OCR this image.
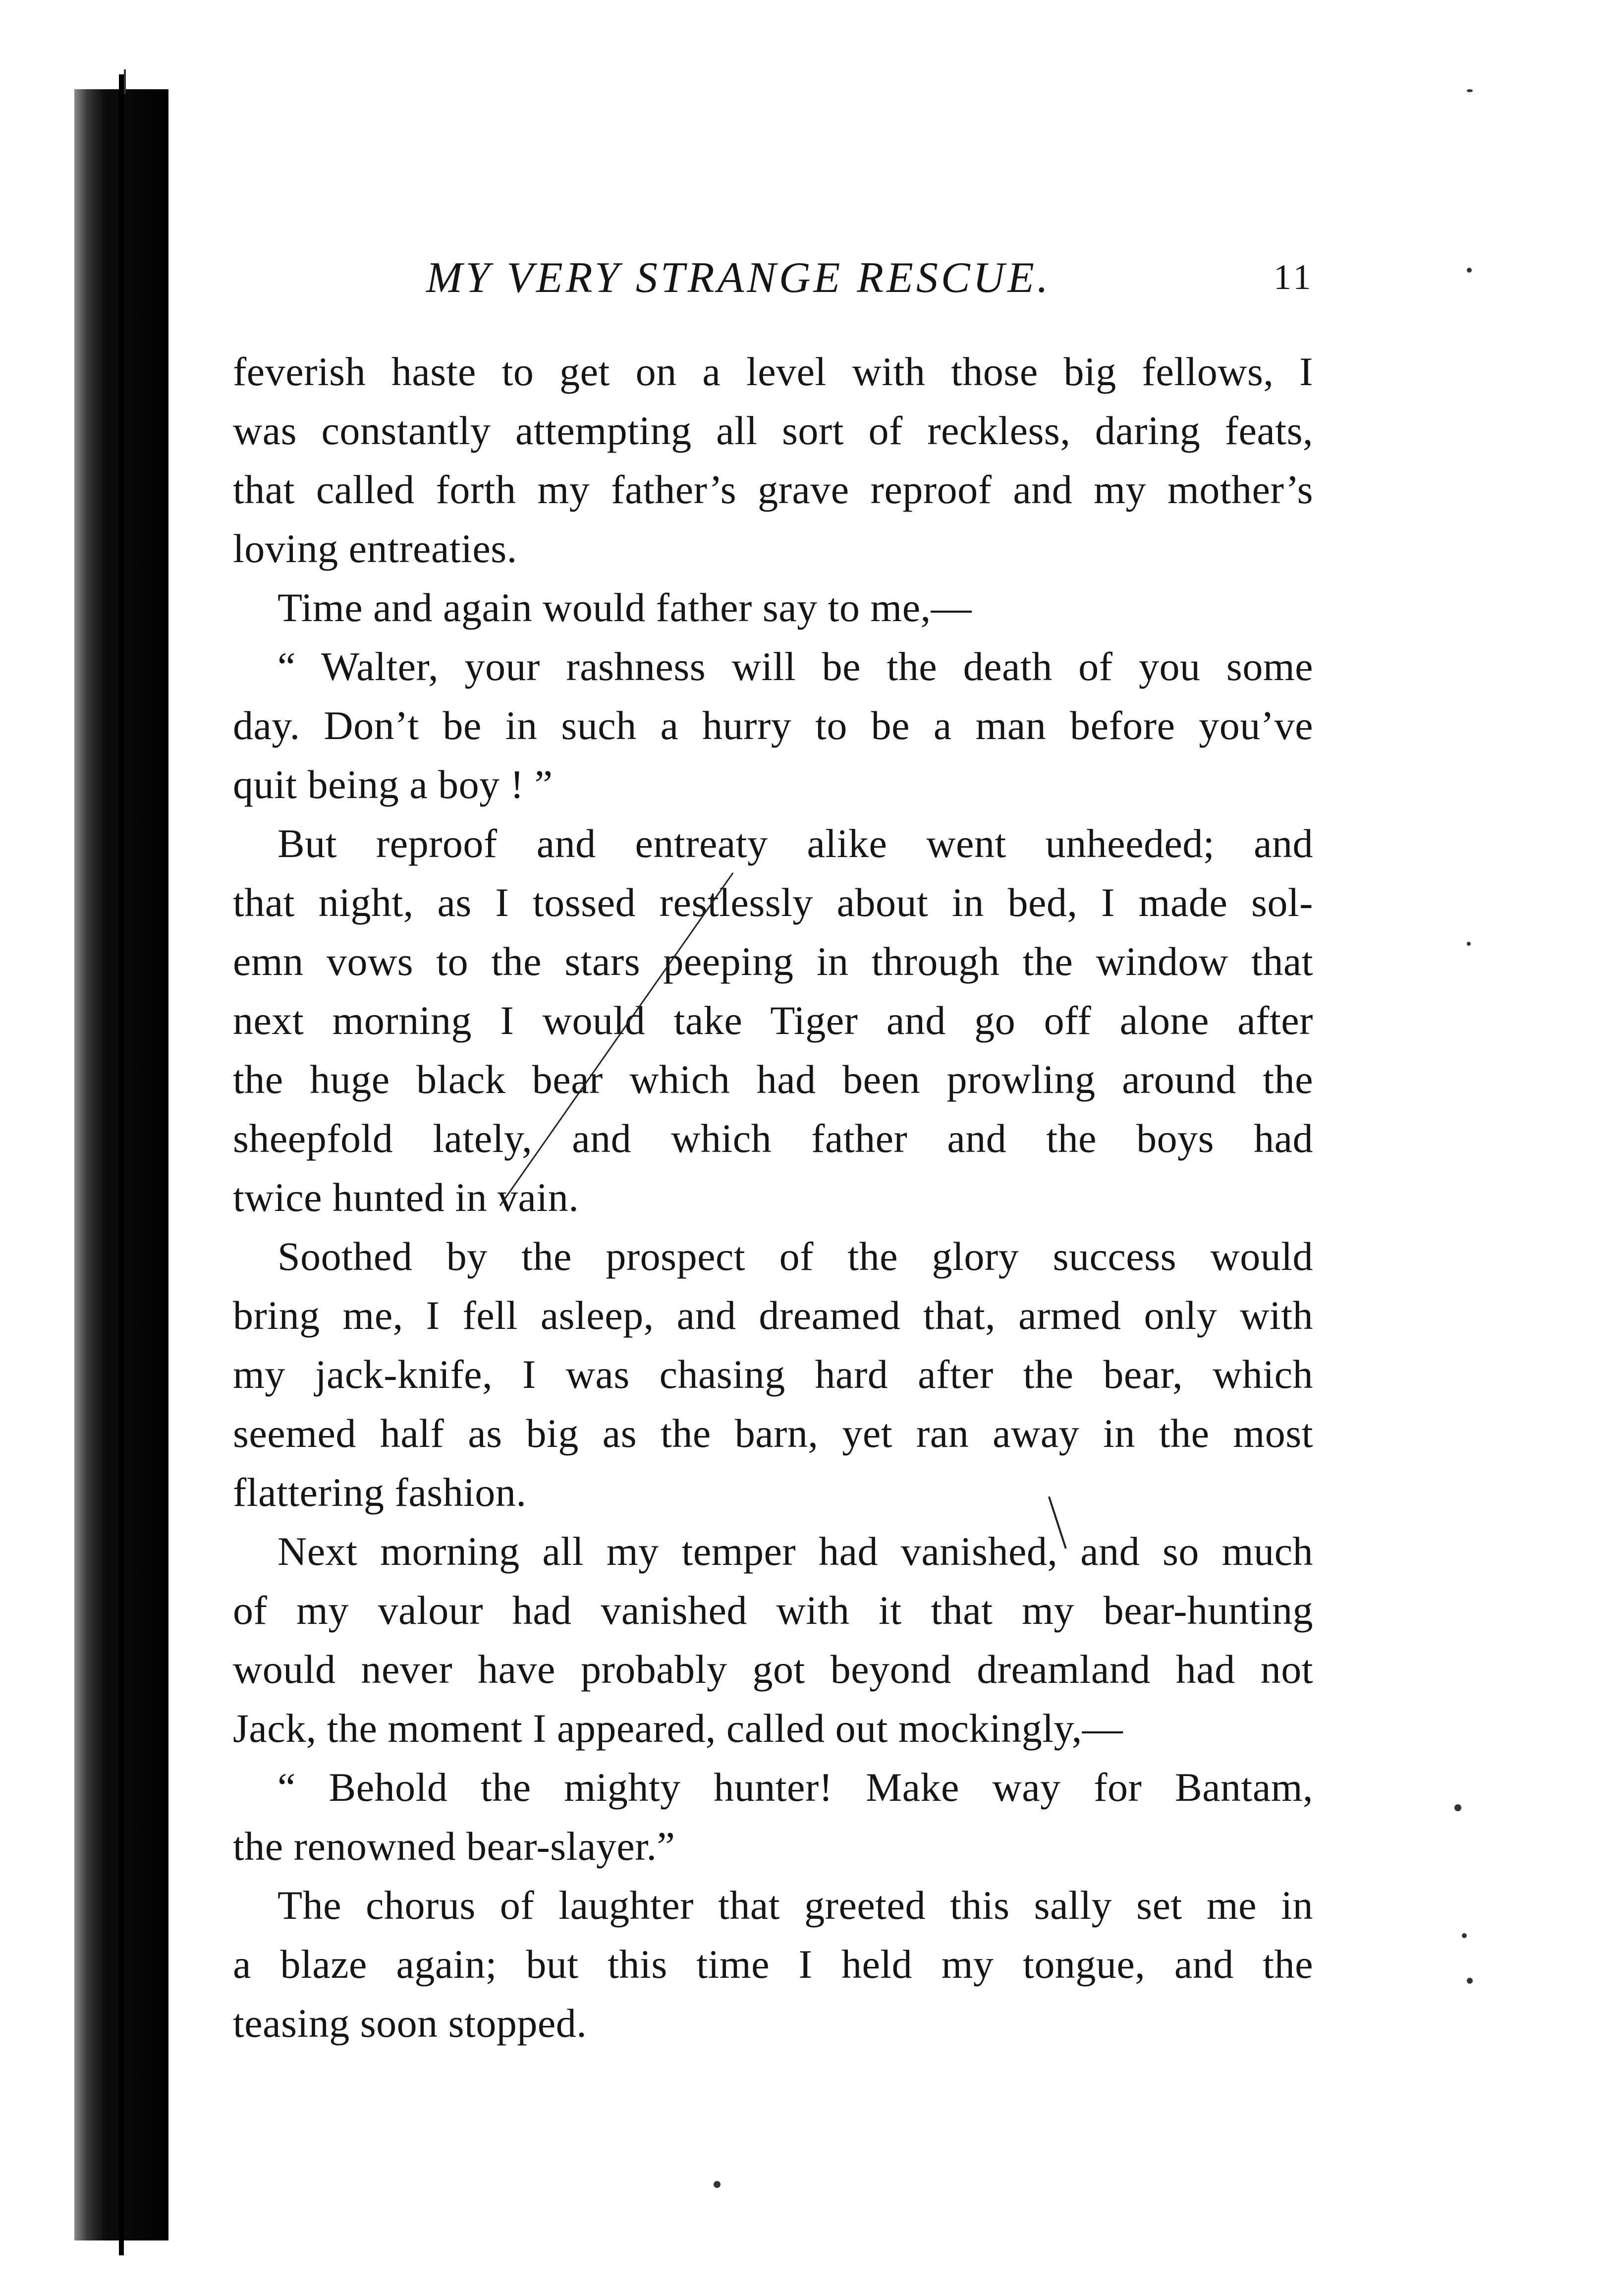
MY VERY STRANGE RESCUE.	11
feverish haste to get on a level with those big fellows, I
was constantly attempting all sort of reckless, daring feats,
that called forth my father’s grave reproof and my mother’s
loving entreaties.
Time and again would father say to me,—
“ Walter, your rashness will be the death of you some
day. Don’t be in such a hurry to be a man before you’ve
quit being a boy ! ”
But reproof and entreaty alike went unheeded; and
that night, as I tossed restlessly about in bed, I made sol-
emn vows to the stars peeping in through the window that
next morning I would take Tiger and go off alone after
the huge black bear which had been prowling around the
sheepfold lately, and which father and the boys had
twice hunted in vain.
Soothed by the prospect of the glory success would
bring me, I fell asleep, and dreamed that, armed only with
my jack-knife, I was chasing hard after the bear, which
seemed half as big as the barn, yet ran away in the most
flattering fashion.
Next morning all my temper had vanished, and so much
of my valour had vanished with it that my bear-hunting
would never have probably got beyond dreamland had not
Jack, the moment I appeared, called out mockingly,—
“ Behold the mighty hunter! Make way for Bantam,
the renowned bear-slayer.”
The chorus of laughter that greeted this sally set me in
a blaze again; but this time I held my tongue, and the
teasing soon stopped.
